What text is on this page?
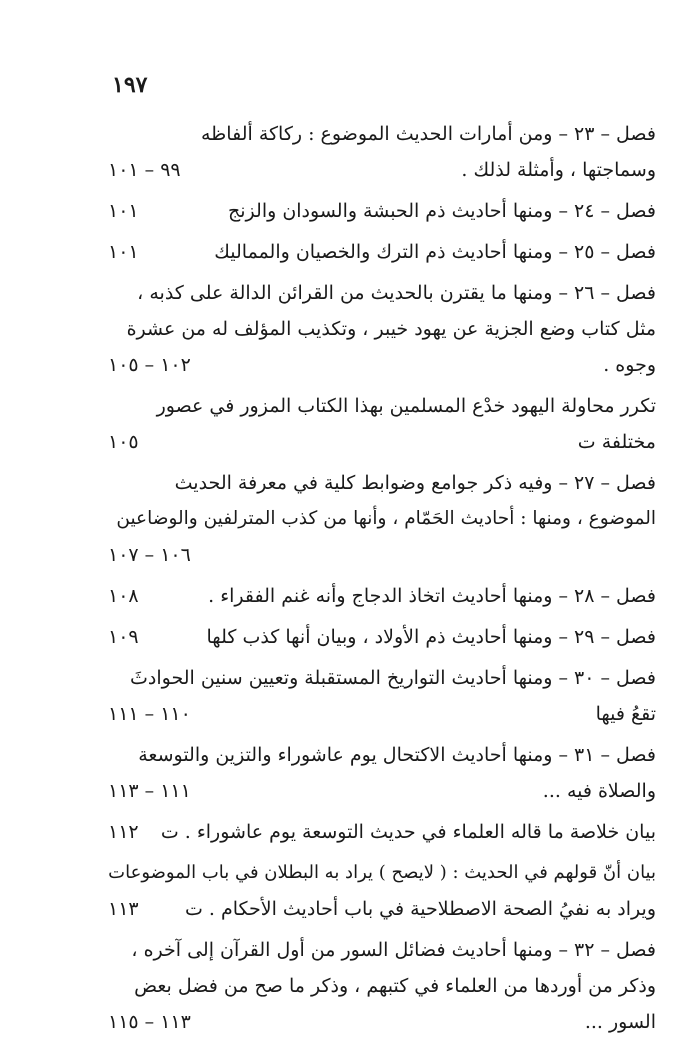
١٩٧
فصل – ٢٣ – ومن أمارات الحديث الموضوع : ركاكة ألفاظه
وسماجتها ، وأمثلة لذلك .
٩٩ – ١٠١
فصل – ٢٤ – ومنها أحاديث ذم الحبشة والسودان والزنج
١٠١
فصل – ٢٥ – ومنها أحاديث ذم الترك والخصيان والمماليك
١٠١
فصل – ٢٦ – ومنها ما يقترن بالحديث من القرائن الدالة على كذبه ،
مثل كتاب وضع الجزية عن يهود خيبر ، وتكذيب المؤلف له من عشرة
وجوه .
١٠٢ – ١٠٥
تكرر محاولة اليهود خدْع المسلمين بهذا الكتاب المزور في عصور
مختلفة ت
١٠٥
فصل – ٢٧ – وفيه ذكر جوامع وضوابط كلية في معرفة الحديث
الموضوع ، ومنها : أحاديث الحَمّام ، وأنها من كذب المترلفين والوضاعين
١٠٦ – ١٠٧
فصل – ٢٨ – ومنها أحاديث اتخاذ الدجاج وأنه غنم الفقراء .
١٠٨
فصل – ٢٩ – ومنها أحاديث ذم الأولاد ، وبيان أنها كذب كلها
١٠٩
فصل – ٣٠ – ومنها أحاديث التواريخ المستقبلة وتعيين سنين الحوادثَ
تقعُ فيها
١١٠ – ١١١
فصل – ٣١ – ومنها أحاديث الاكتحال يوم عاشوراء والتزين والتوسعة
والصلاة فيه ...
١١١ – ١١٣
بيان خلاصة ما قاله العلماء في حديث التوسعة يوم عاشوراء . ت
١١٢
بيان أنّ قولهم في الحديث : ( لايصح ) يراد به البطلان في باب الموضوعات
ويراد به نفيُ الصحة الاصطلاحية في باب أحاديث الأحكام . ت
١١٣
فصل – ٣٢ – ومنها أحاديث فضائل السور من أول القرآن إلى آخره ،
وذكر من أوردها من العلماء في كتبهم ، وذكر ما صح من فضل بعض
السور ...
١١٣ – ١١٥
